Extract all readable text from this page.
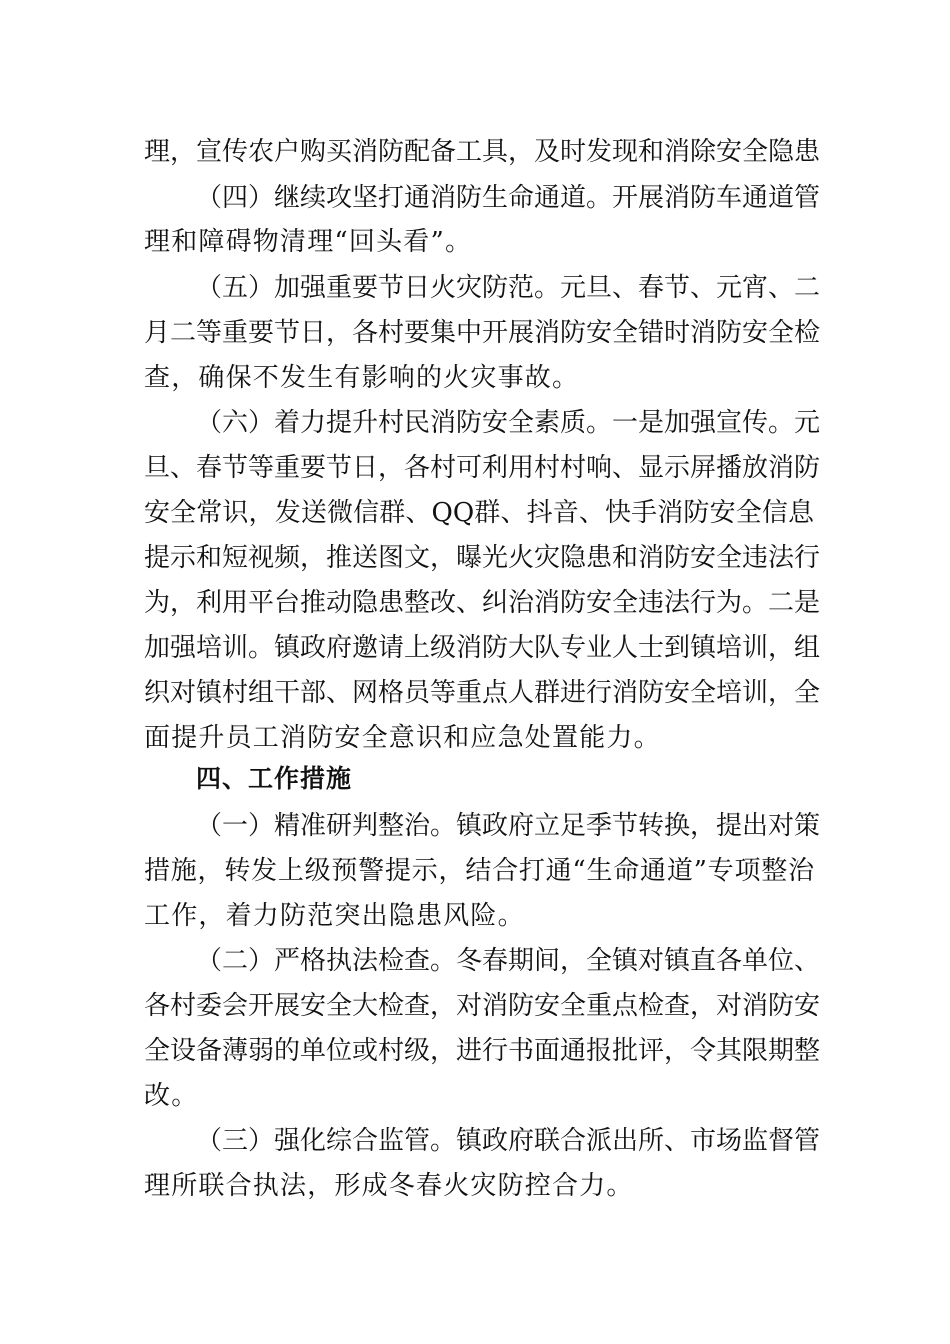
理，宣传农户购买消防配备工具，及时发现和消除安全隐患
（四）继续攻坚打通消防生命通道。开展消防车通道管
理和障碍物清理“回头看”。
（五）加强重要节日火灾防范。元旦、春节、元宵、二
月二等重要节日，各村要集中开展消防安全错时消防安全检
查，确保不发生有影响的火灾事故。
（六）着力提升村民消防安全素质。一是加强宣传。元
旦、春节等重要节日，各村可利用村村响、显示屏播放消防
安全常识，发送微信群、QQ群、抖音、快手消防安全信息
提示和短视频，推送图文，曝光火灾隐患和消防安全违法行
为，利用平台推动隐患整改、纠治消防安全违法行为。二是
加强培训。镇政府邀请上级消防大队专业人士到镇培训，组
织对镇村组干部、网格员等重点人群进行消防安全培训，全
面提升员工消防安全意识和应急处置能力。
四、工作措施
（一）精准研判整治。镇政府立足季节转换，提出对策
措施，转发上级预警提示，结合打通“生命通道”专项整治
工作，着力防范突出隐患风险。
（二）严格执法检查。冬春期间，全镇对镇直各单位、
各村委会开展安全大检查，对消防安全重点检查，对消防安
全设备薄弱的单位或村级，进行书面通报批评，令其限期整
改。
（三）强化综合监管。镇政府联合派出所、市场监督管
理所联合执法，形成冬春火灾防控合力。
